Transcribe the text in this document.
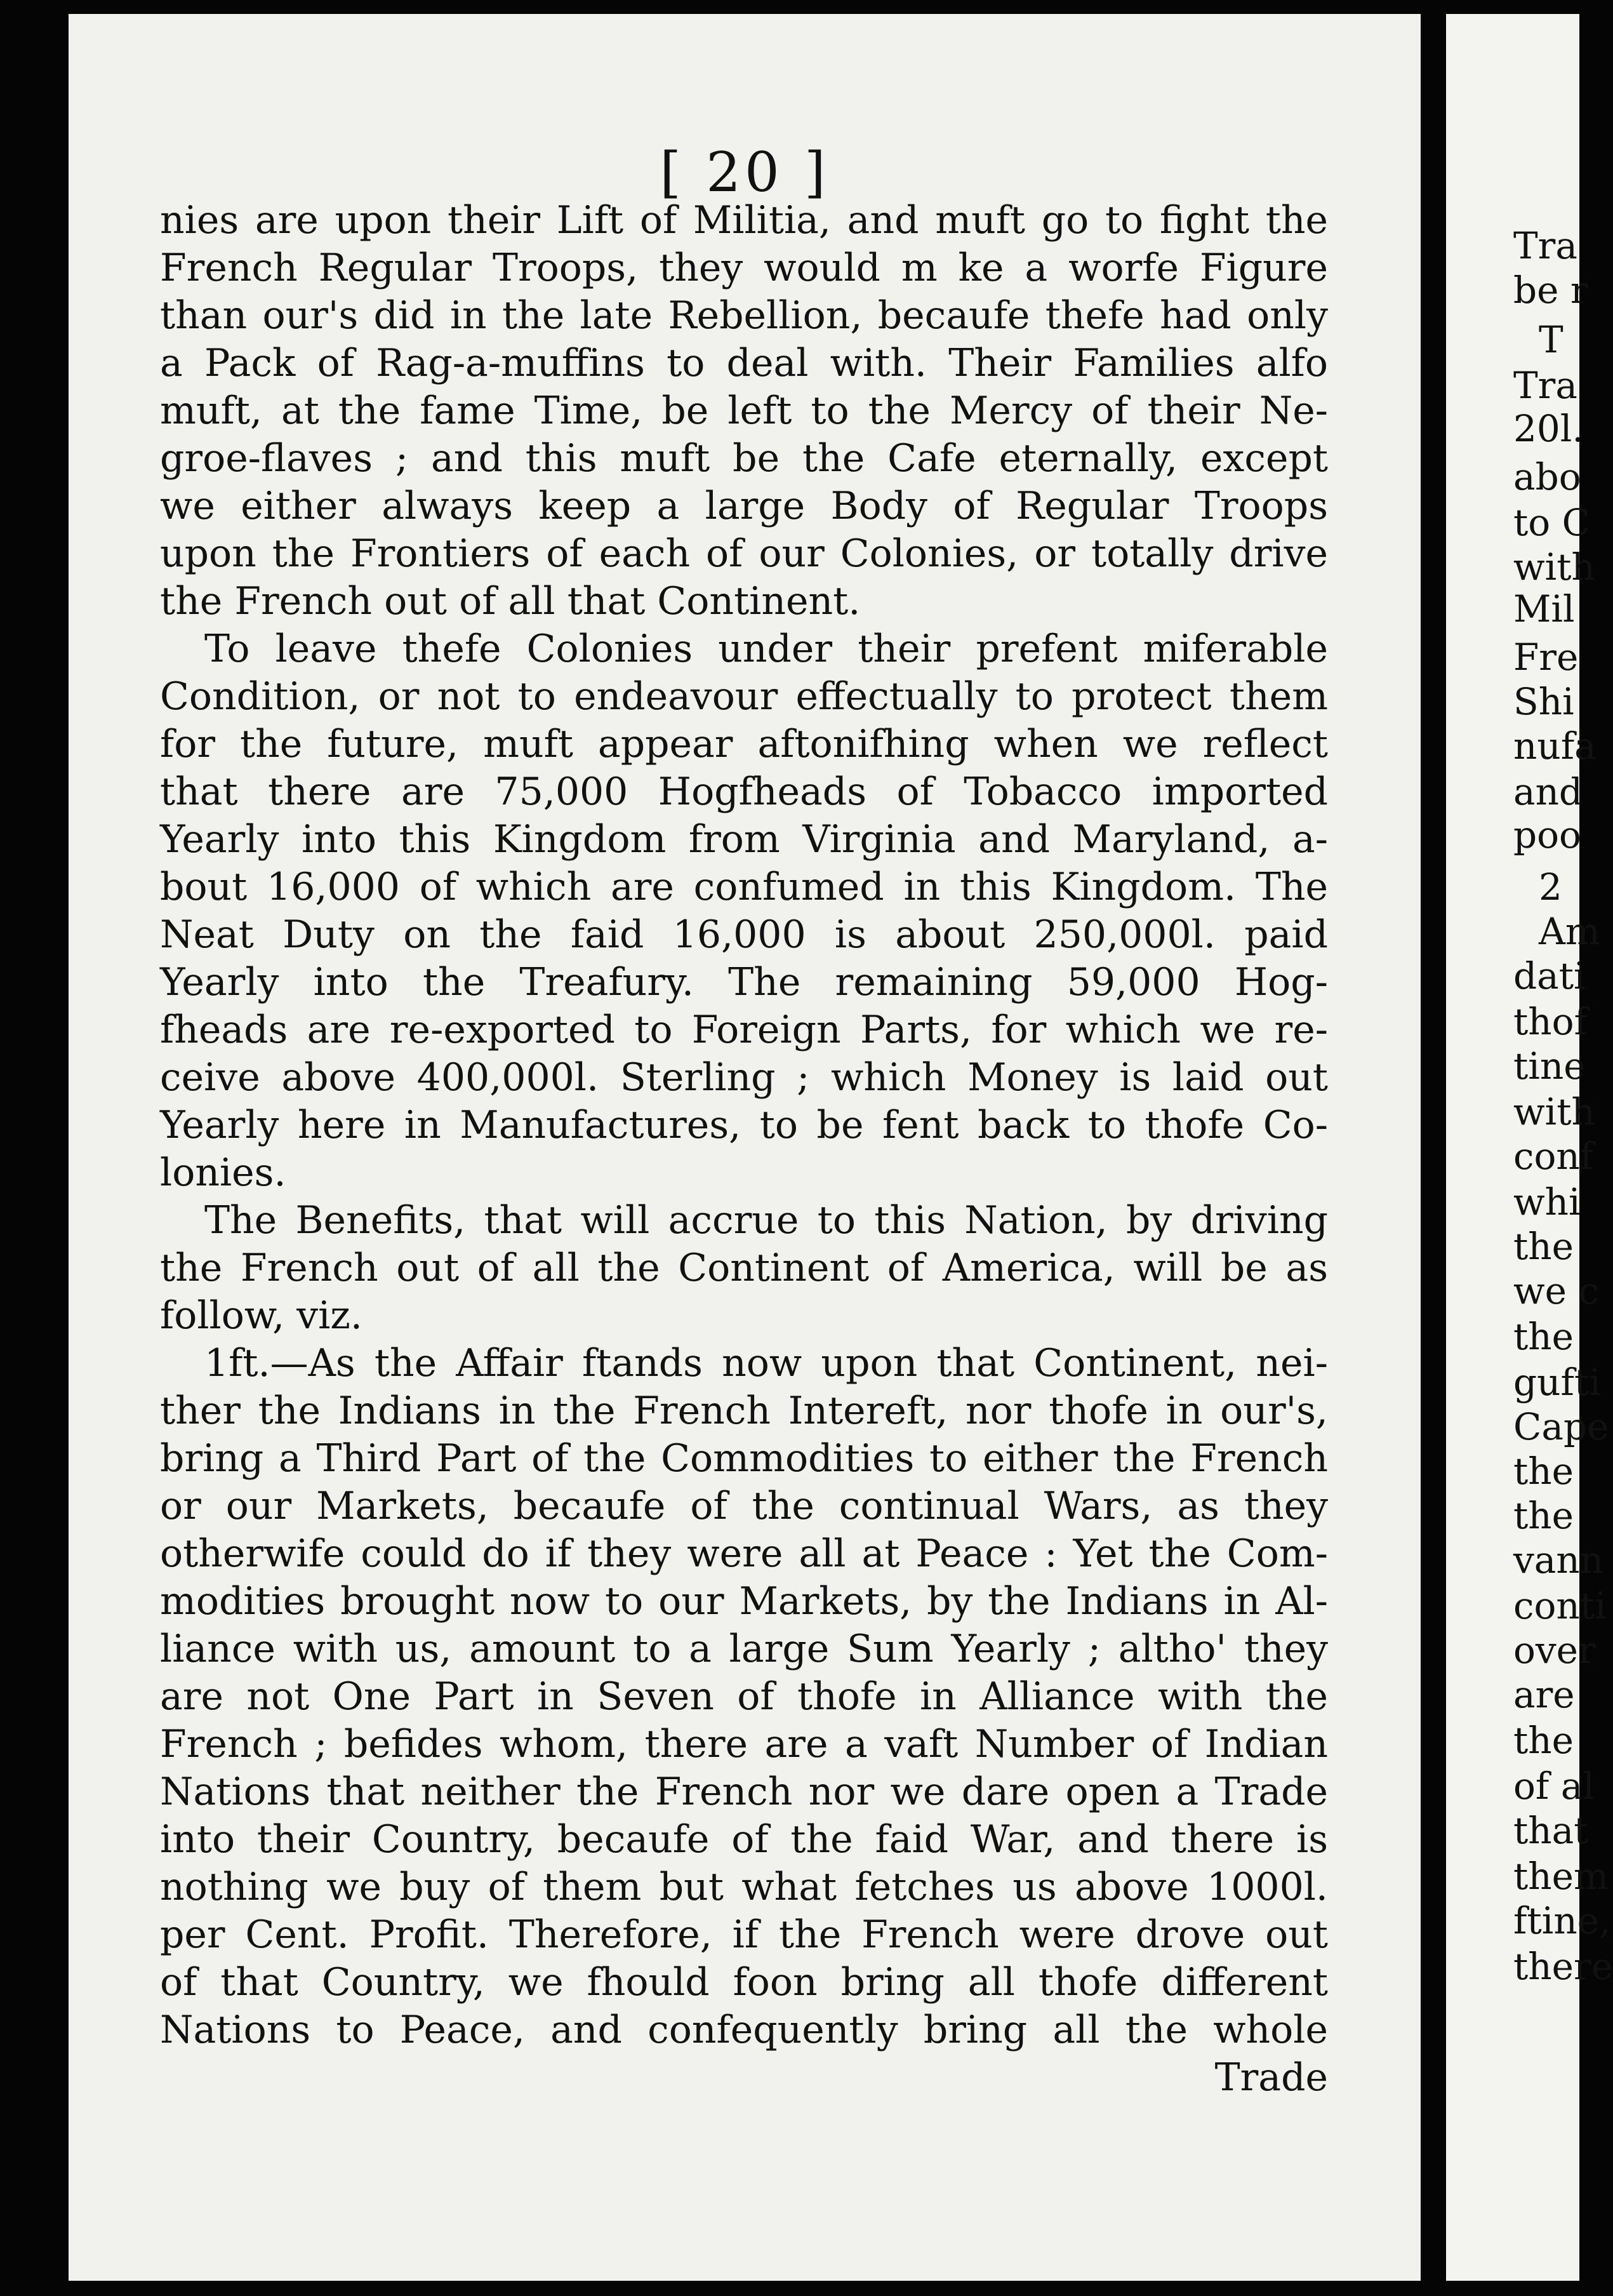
[ 20 ]
nies are upon their Lift of Militia, and muft go to fight the
French Regular Troops, they would m ke a worfe Figure
than our's did in the late Rebellion, becaufe thefe had only
a Pack of Rag-a-muffins to deal with. Their Families alfo
muft, at the fame Time, be left to the Mercy of their Ne-
groe-flaves ; and this muft be the Cafe eternally, except
we either always keep a large Body of Regular Troops
upon the Frontiers of each of our Colonies, or totally drive
the French out of all that Continent.
To leave thefe Colonies under their prefent miferable
Condition, or not to endeavour effectually to protect them
for the future, muft appear aftonifhing when we reflect
that there are 75,000 Hogfheads of Tobacco imported
Yearly into this Kingdom from Virginia and Maryland, a-
bout 16,000 of which are confumed in this Kingdom. The
Neat Duty on the faid 16,000 is about 250,000l. paid
Yearly into the Treafury. The remaining 59,000 Hog-
fheads are re-exported to Foreign Parts, for which we re-
ceive above 400,000l. Sterling ; which Money is laid out
Yearly here in Manufactures, to be fent back to thofe Co-
lonies.
The Benefits, that will accrue to this Nation, by driving
the French out of all the Continent of America, will be as
follow, viz.
1ft.—As the Affair ftands now upon that Continent, nei-
ther the Indians in the French Intereft, nor thofe in our's,
bring a Third Part of the Commodities to either the French
or our Markets, becaufe of the continual Wars, as they
otherwife could do if they were all at Peace : Yet the Com-
modities brought now to our Markets, by the Indians in Al-
liance with us, amount to a large Sum Yearly ; altho' they
are not One Part in Seven of thofe in Alliance with the
French ; befides whom, there are a vaft Number of Indian
Nations that neither the French nor we dare open a Trade
into their Country, becaufe of the faid War, and there is
nothing we buy of them but what fetches us above 1000l.
per Cent. Profit. Therefore, if the French were drove out
of that Country, we fhould foon bring all thofe different
Nations to Peace, and confequently bring all the whole
Trade
Tra
be r
T
Tra
20l.
abo
to C
with
Mil
Fre
Shi
nufa
and
poo
2
Am
dati
thof
tine
with
conf
whi
the
we c
the
gufti
Cape
the
the
vann
conti
over
are
the
of al
that
them
ftine,
there
